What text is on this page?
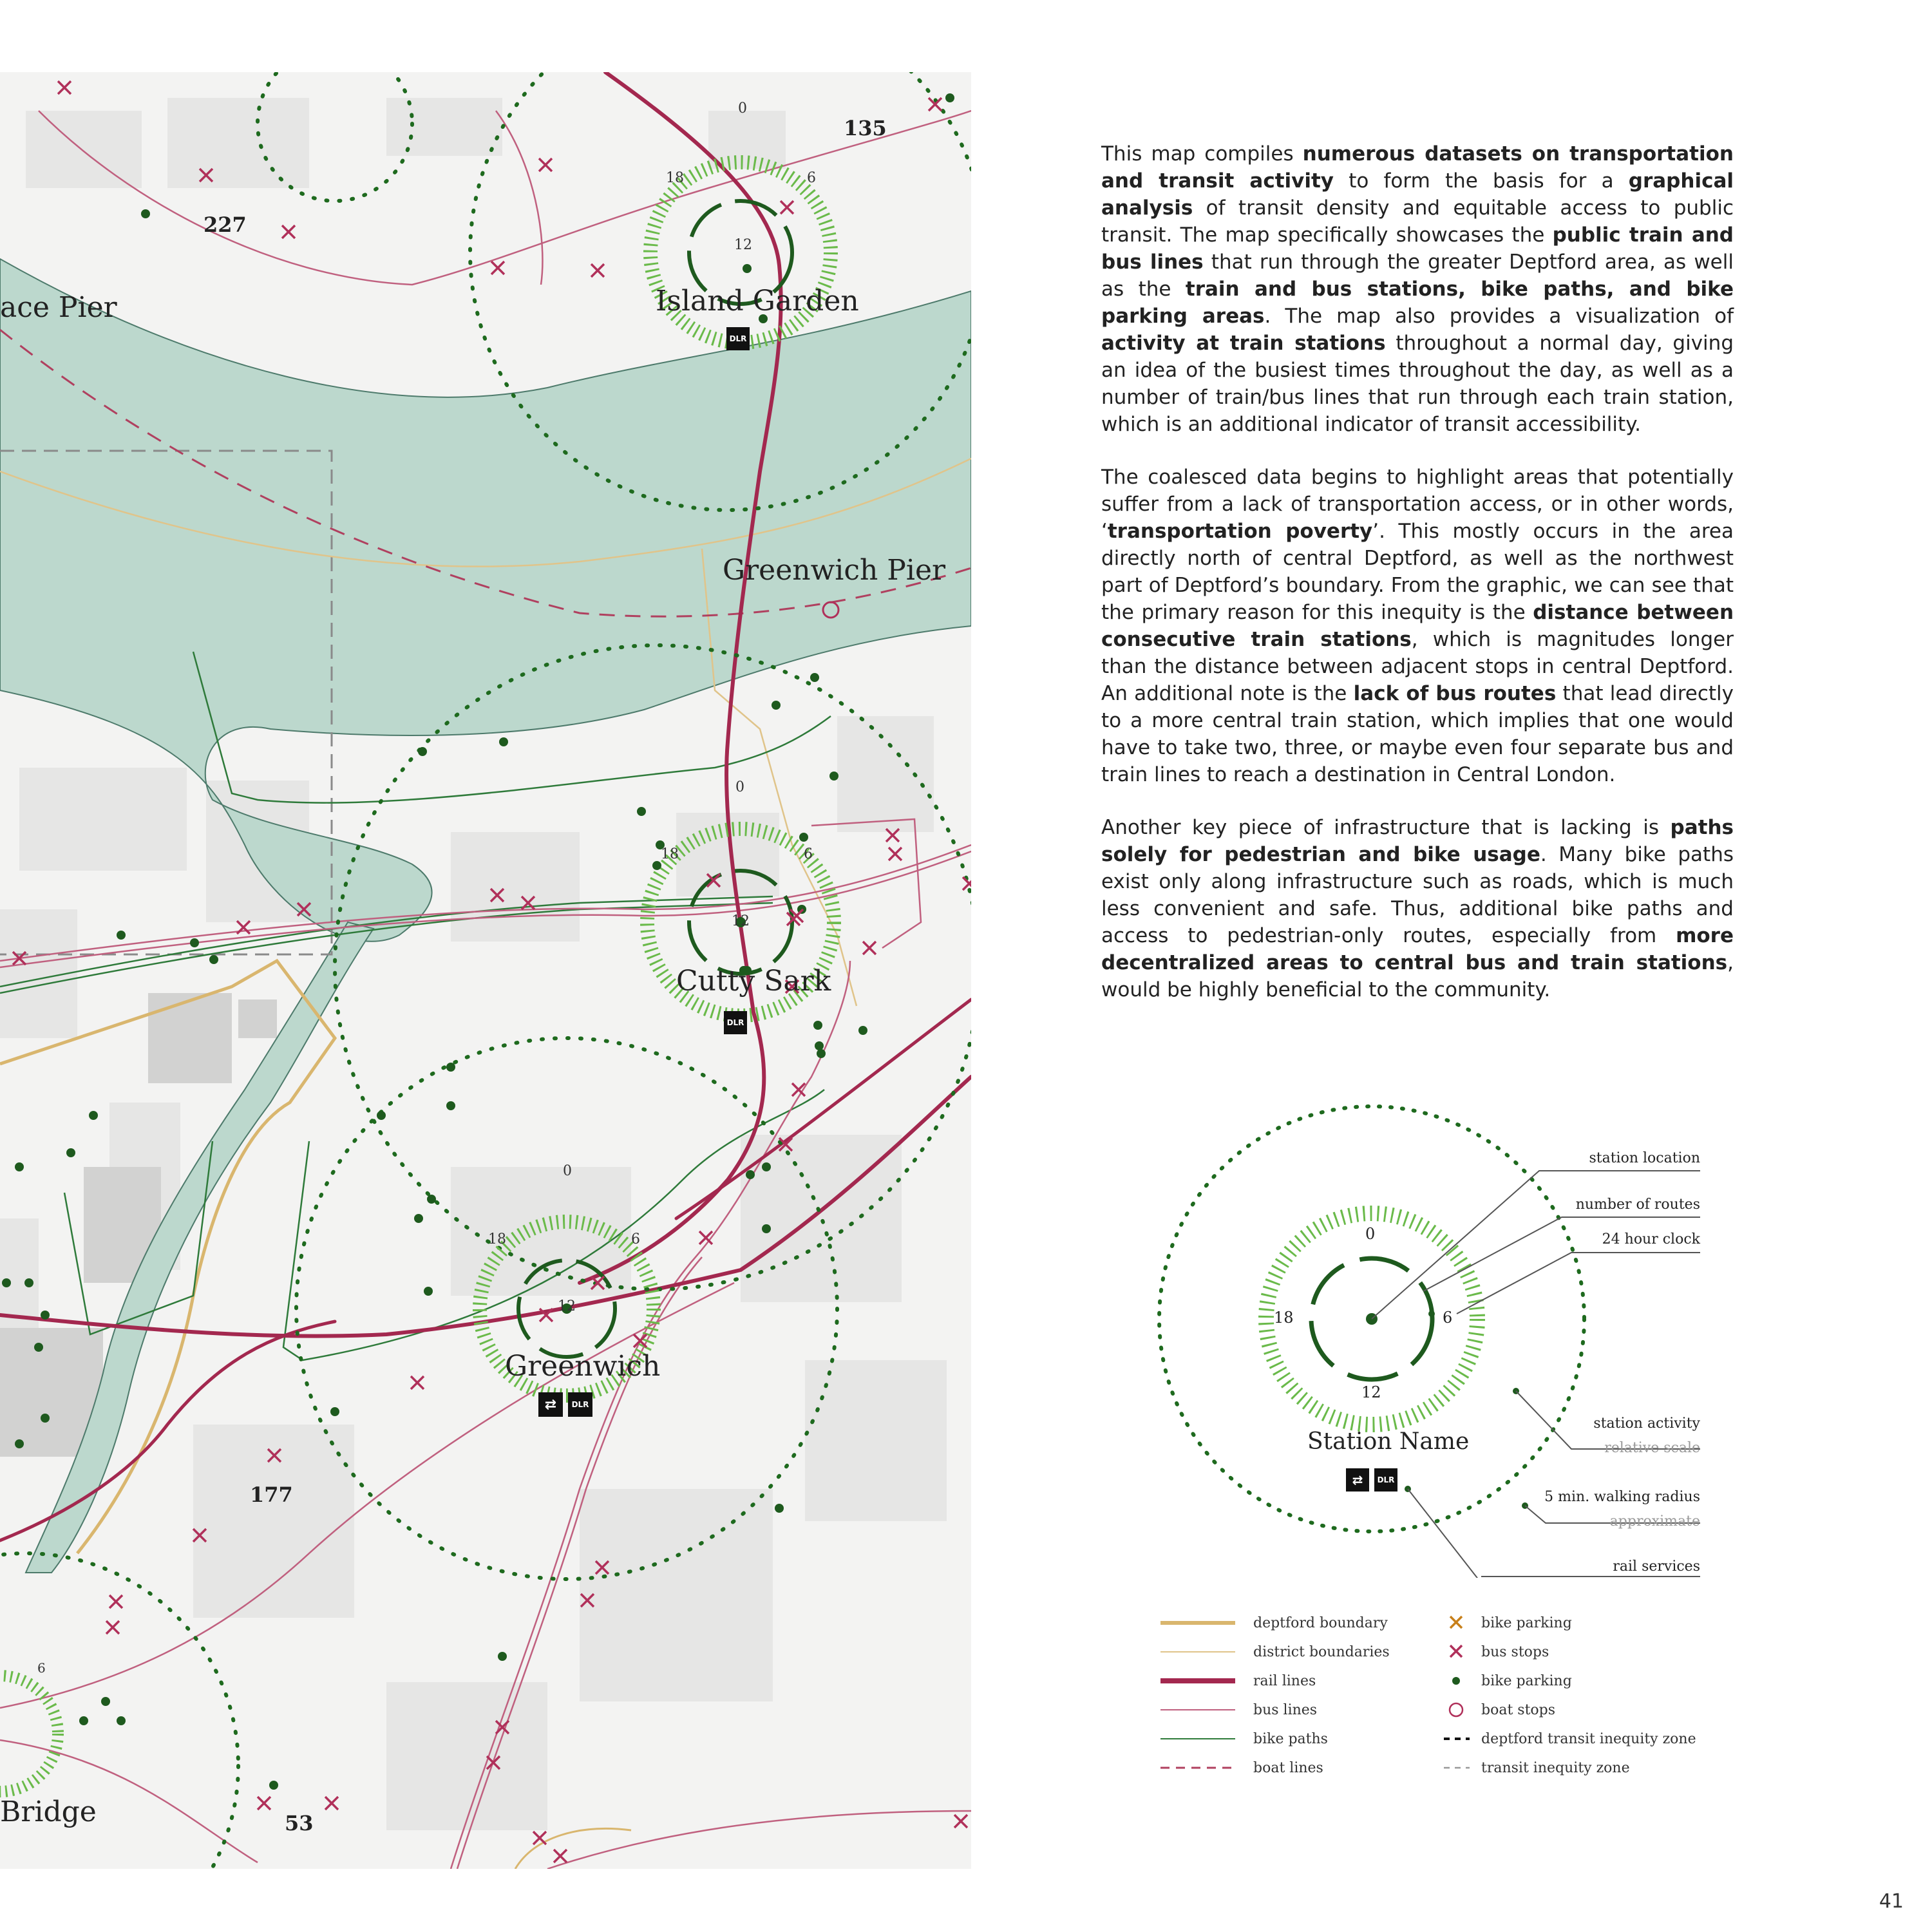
135
227
177
53
ace Pier	Island Garden
Greenwich Pier
Cutty Sark
Greenwich
Bridge
0
6
12
18
0
6
12
18
0
6
12
18
6
DLR
DLR
⇄	DLR

This map compiles numerous datasets on transportation and transit activity to form the basis for a graphical analysis of transit density and equitable access to public transit. The map specifically showcases the public train and bus lines that run through the greater Deptford area, as well as the train and bus stations, bike paths, and bike parking areas. The map also provides a visualization of activity at train stations throughout a normal day, giving an idea of the busiest times throughout the day, as well as a number of train/bus lines that run through each train station, which is an additional indicator of transit accessibility.

The coalesced data begins to highlight areas that potentially suffer from a lack of transportation access, or in other words, ‘transportation poverty’. This mostly occurs in the area directly north of central Deptford, as well as the northwest part of Deptford’s boundary. From the graphic, we can see that the primary reason for this inequity is the distance between consecutive train stations, which is magnitudes longer than the distance between adjacent stops in central Deptford. An additional note is the lack of bus routes that lead directly to a more central train station, which implies that one would have to take two, three, or maybe even four separate bus and train lines to reach a destination in Central London.

Another key piece of infrastructure that is lacking is paths solely for pedestrian and bike usage. Many bike paths exist only along infrastructure such as roads, which is much less convenient and safe. Thus, additional bike paths and access to pedestrian-only routes, especially from more decentralized areas to central bus and train stations, would be highly beneficial to the community.

0
6
12
18
Station Name
⇄	DLR
station location
number of routes
24 hour clock
station activity
relative scale
5 min. walking radius
approximate
rail services
deptford boundary
district boundaries
rail lines
bus lines
bike paths
boat lines
bike parking
bus stops
bike parking
boat stops
deptford transit inequity zone
transit inequity zone
41
